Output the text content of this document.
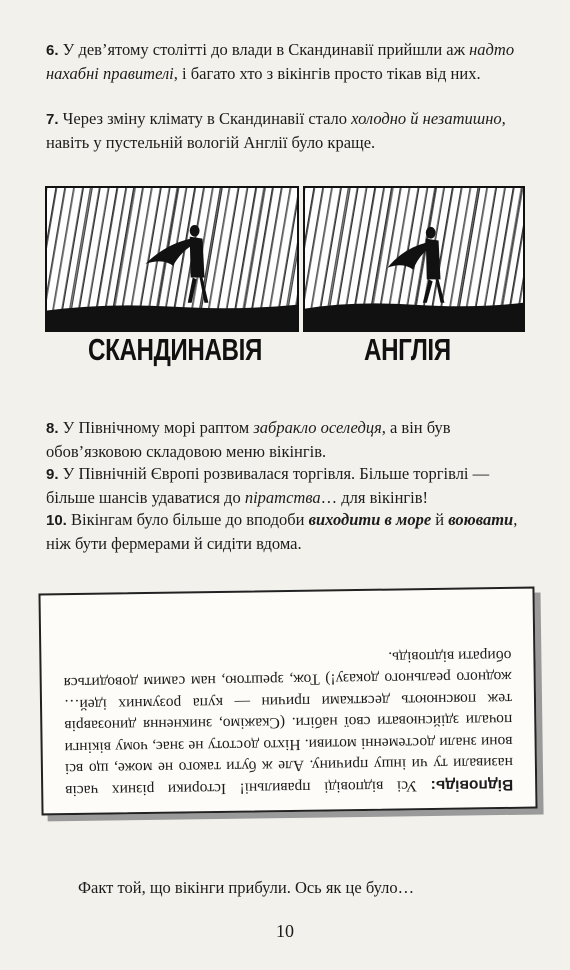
6. У дев’ятому столітті до влади в Скандинавії прийшли аж надто нахабні правителі, і багато хто з вікінгів просто тікав від них.
7. Через зміну клімату в Скандинавії стало холодно й незатишно, навіть у пустельній вологій Англії було краще.
СКАНДИНАВІЯ	АНГЛІЯ
8. У Північному морі раптом забракло оселедця, а він був обов’язковою складовою меню вікінгів.
9. У Північній Європі розвивалася торгівля. Більше торгівлі — більше шансів удаватися до піратства… для вікінгів!
10. Вікінгам було більше до вподоби виходити в море й воювати, ніж бути фермерами й сидіти вдома.

Відповідь: Усі відповіді правильні! Історики різних часів називали ту чи іншу причину. Але ж бути такого не може, що всі вони знали достеменні мотиви. Ніхто достоту не знає, чому вікінги почали здійснювати свої набіги. (Скажімо, зникнення динозаврів теж пояснюють десятками причин — купа розумних ідей… жодного реального доказу!) Тож, зрештою, нам самим доводиться обирати відповідь.

Факт той, що вікінги прибули. Ось як це було…
10
